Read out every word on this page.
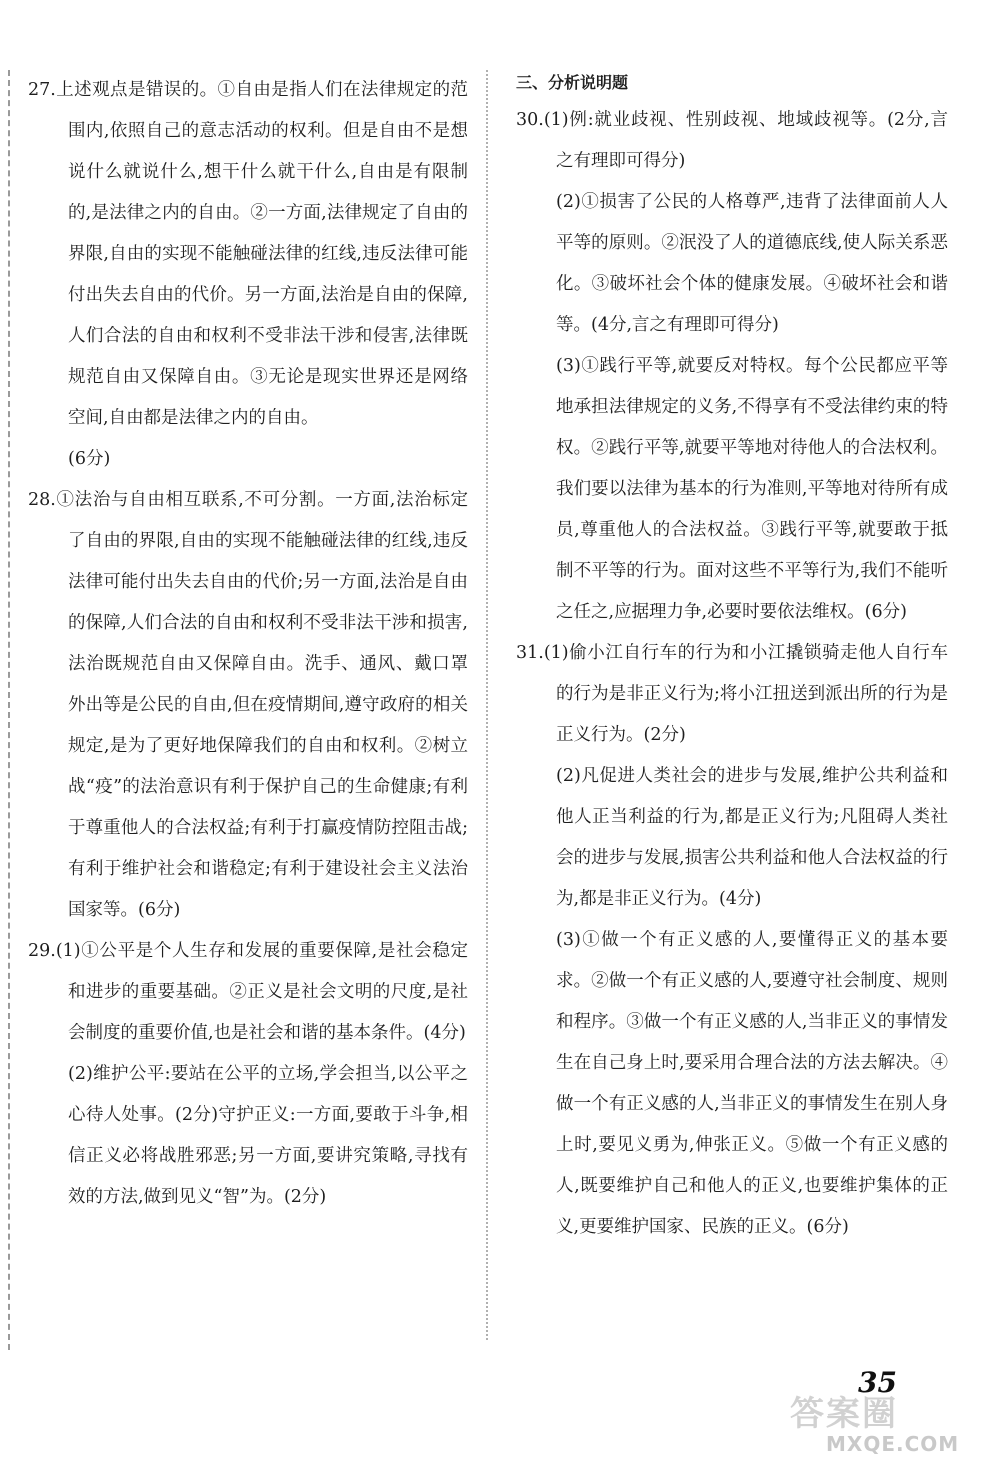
27.上述观点是错误的。①自由是指人们在法律规定的范围内,依照自己的意志活动的权利。但是自由不是想说什么就说什么,想干什么就干什么,自由是有限制的,是法律之内的自由。②一方面,法律规定了自由的界限,自由的实现不能触碰法律的红线,违反法律可能付出失去自由的代价。另一方面,法治是自由的保障,人们合法的自由和权利不受非法干涉和侵害,法律既规范自由又保障自由。③无论是现实世界还是网络空间,自由都是法律之内的自由。
(6分)
28.①法治与自由相互联系,不可分割。一方面,法治标定了自由的界限,自由的实现不能触碰法律的红线,违反法律可能付出失去自由的代价;另一方面,法治是自由的保障,人们合法的自由和权利不受非法干涉和损害,法治既规范自由又保障自由。洗手、通风、戴口罩外出等是公民的自由,但在疫情期间,遵守政府的相关规定,是为了更好地保障我们的自由和权利。②树立战“疫”的法治意识有利于保护自己的生命健康;有利于尊重他人的合法权益;有利于打赢疫情防控阻击战;有利于维护社会和谐稳定;有利于建设社会主义法治国家等。(6分)
29.(1)①公平是个人生存和发展的重要保障,是社会稳定和进步的重要基础。②正义是社会文明的尺度,是社会制度的重要价值,也是社会和谐的基本条件。(4分)
(2)维护公平:要站在公平的立场,学会担当,以公平之心待人处事。(2分)守护正义:一方面,要敢于斗争,相信正义必将战胜邪恶;另一方面,要讲究策略,寻找有效的方法,做到见义“智”为。(2分)
三、分析说明题
30.(1)例:就业歧视、性别歧视、地域歧视等。(2分,言之有理即可得分)
(2)①损害了公民的人格尊严,违背了法律面前人人平等的原则。②泯没了人的道德底线,使人际关系恶化。③破坏社会个体的健康发展。④破坏社会和谐等。(4分,言之有理即可得分)
(3)①践行平等,就要反对特权。每个公民都应平等地承担法律规定的义务,不得享有不受法律约束的特权。②践行平等,就要平等地对待他人的合法权利。我们要以法律为基本的行为准则,平等地对待所有成员,尊重他人的合法权益。③践行平等,就要敢于抵制不平等的行为。面对这些不平等行为,我们不能听之任之,应据理力争,必要时要依法维权。(6分)
31.(1)偷小江自行车的行为和小江撬锁骑走他人自行车的行为是非正义行为;将小江扭送到派出所的行为是正义行为。(2分)
(2)凡促进人类社会的进步与发展,维护公共利益和他人正当利益的行为,都是正义行为;凡阻碍人类社会的进步与发展,损害公共利益和他人合法权益的行为,都是非正义行为。(4分)
(3)①做一个有正义感的人,要懂得正义的基本要求。②做一个有正义感的人,要遵守社会制度、规则和程序。③做一个有正义感的人,当非正义的事情发生在自己身上时,要采用合理合法的方法去解决。④做一个有正义感的人,当非正义的事情发生在别人身上时,要见义勇为,伸张正义。⑤做一个有正义感的人,既要维护自己和他人的正义,也要维护集体的正义,更要维护国家、民族的正义。(6分)
35
答案圈
MXQE.COM
